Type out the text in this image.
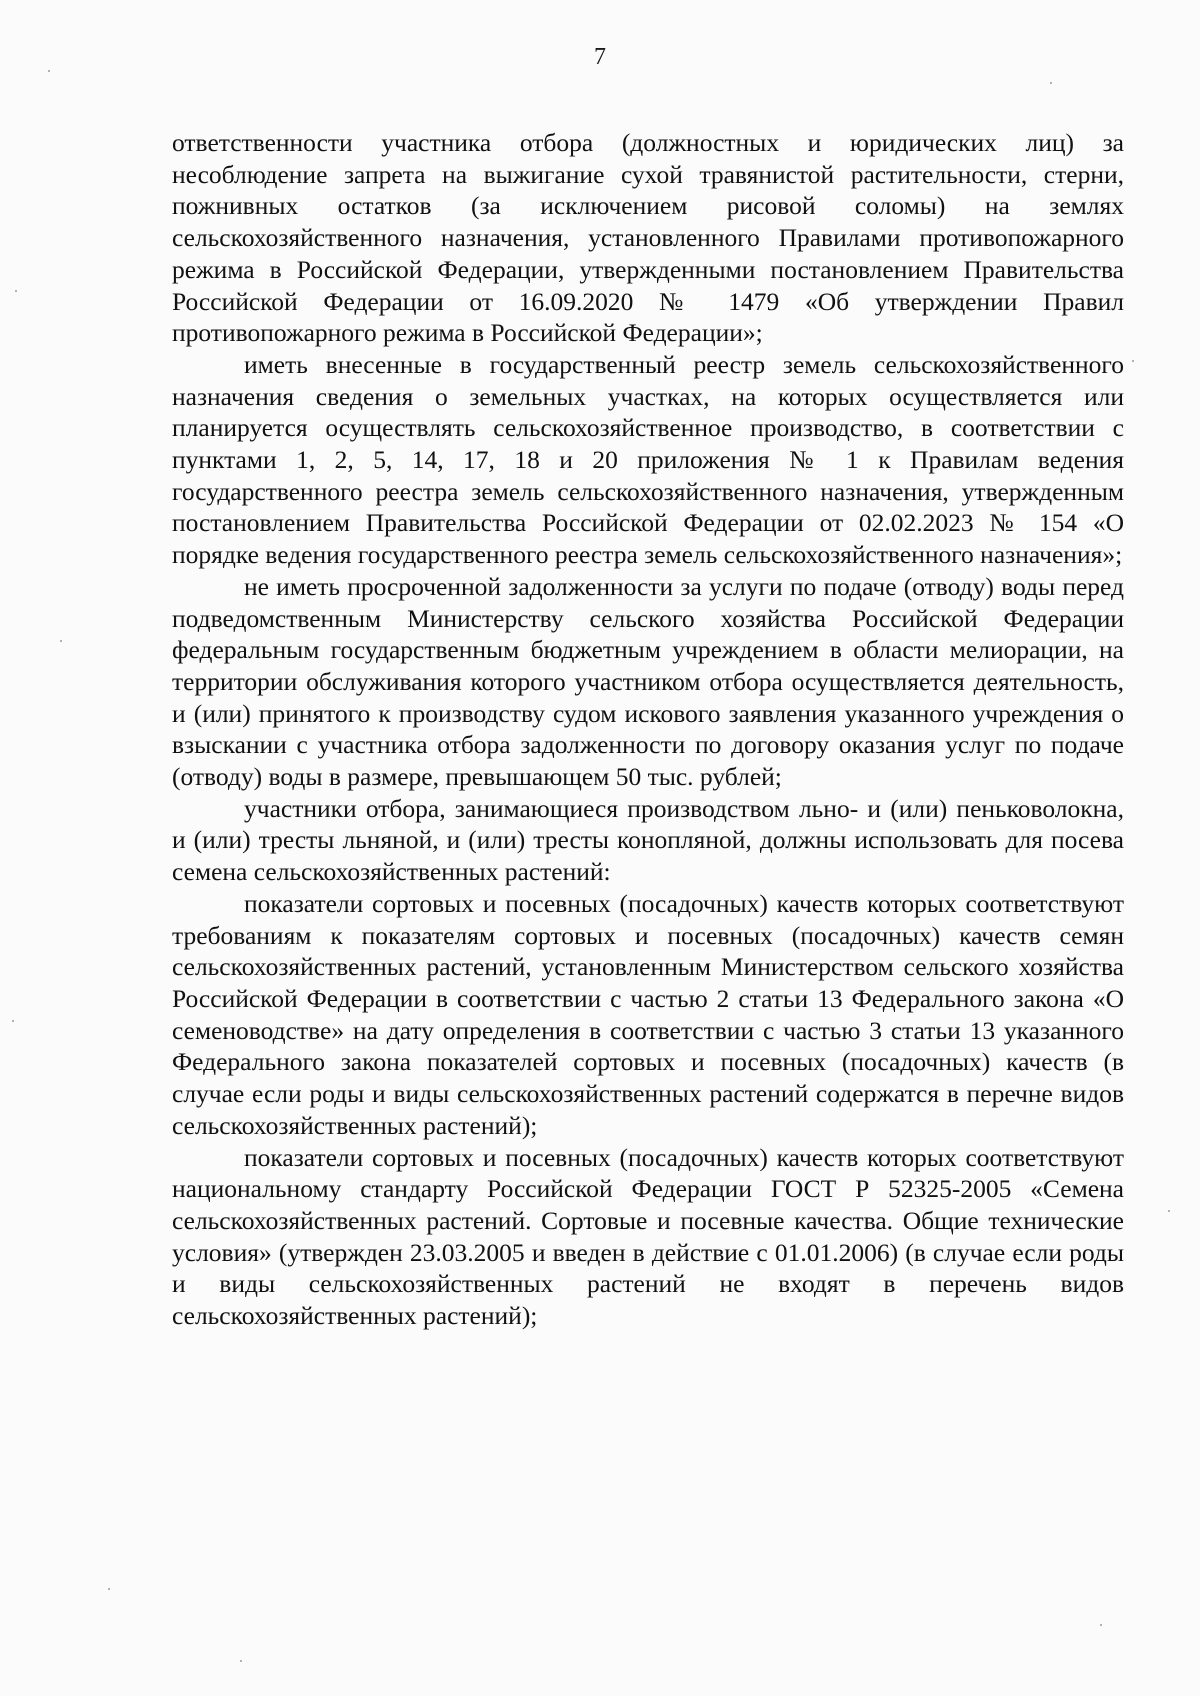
7

ответственности участника отбора (должностных и юридических лиц) за несоблюдение запрета на выжигание сухой травянистой растительности, стерни, пожнивных остатков (за исключением рисовой соломы) на землях сельскохозяйственного назначения, установленного Правилами противопожарного режима в Российской Федерации, утвержденными постановлением Правительства Российской Федерации от 16.09.2020 № 1479 «Об утверждении Правил противопожарного режима в Российской Федерации»;

иметь внесенные в государственный реестр земель сельскохозяйственного назначения сведения о земельных участках, на которых осуществляется или планируется осуществлять сельскохозяйственное производство, в соответствии с пунктами 1, 2, 5, 14, 17, 18 и 20 приложения № 1 к Правилам ведения государственного реестра земель сельскохозяйственного назначения, утвержденным постановлением Правительства Российской Федерации от 02.02.2023 № 154 «О порядке ведения государственного реестра земель сельскохозяйственного назначения»;

не иметь просроченной задолженности за услуги по подаче (отводу) воды перед подведомственным Министерству сельского хозяйства Российской Федерации федеральным государственным бюджетным учреждением в области мелиорации, на территории обслуживания которого участником отбора осуществляется деятельность, и (или) принятого к производству судом искового заявления указанного учреждения о взыскании с участника отбора задолженности по договору оказания услуг по подаче (отводу) воды в размере, превышающем 50 тыс. рублей;

участники отбора, занимающиеся производством льно- и (или) пеньковолокна, и (или) тресты льняной, и (или) тресты конопляной, должны использовать для посева семена сельскохозяйственных растений:

показатели сортовых и посевных (посадочных) качеств которых соответствуют требованиям к показателям сортовых и посевных (посадочных) качеств семян сельскохозяйственных растений, установленным Министерством сельского хозяйства Российской Федерации в соответствии с частью 2 статьи 13 Федерального закона «О семеноводстве» на дату определения в соответствии с частью 3 статьи 13 указанного Федерального закона показателей сортовых и посевных (посадочных) качеств (в случае если роды и виды сельскохозяйственных растений содержатся в перечне видов сельскохозяйственных растений);

показатели сортовых и посевных (посадочных) качеств которых соответствуют национальному стандарту Российской Федерации ГОСТ Р 52325-2005 «Семена сельскохозяйственных растений. Сортовые и посевные качества. Общие технические условия» (утвержден 23.03.2005 и введен в действие с 01.01.2006) (в случае если роды и виды сельскохозяйственных растений не входят в перечень видов сельскохозяйственных растений);
